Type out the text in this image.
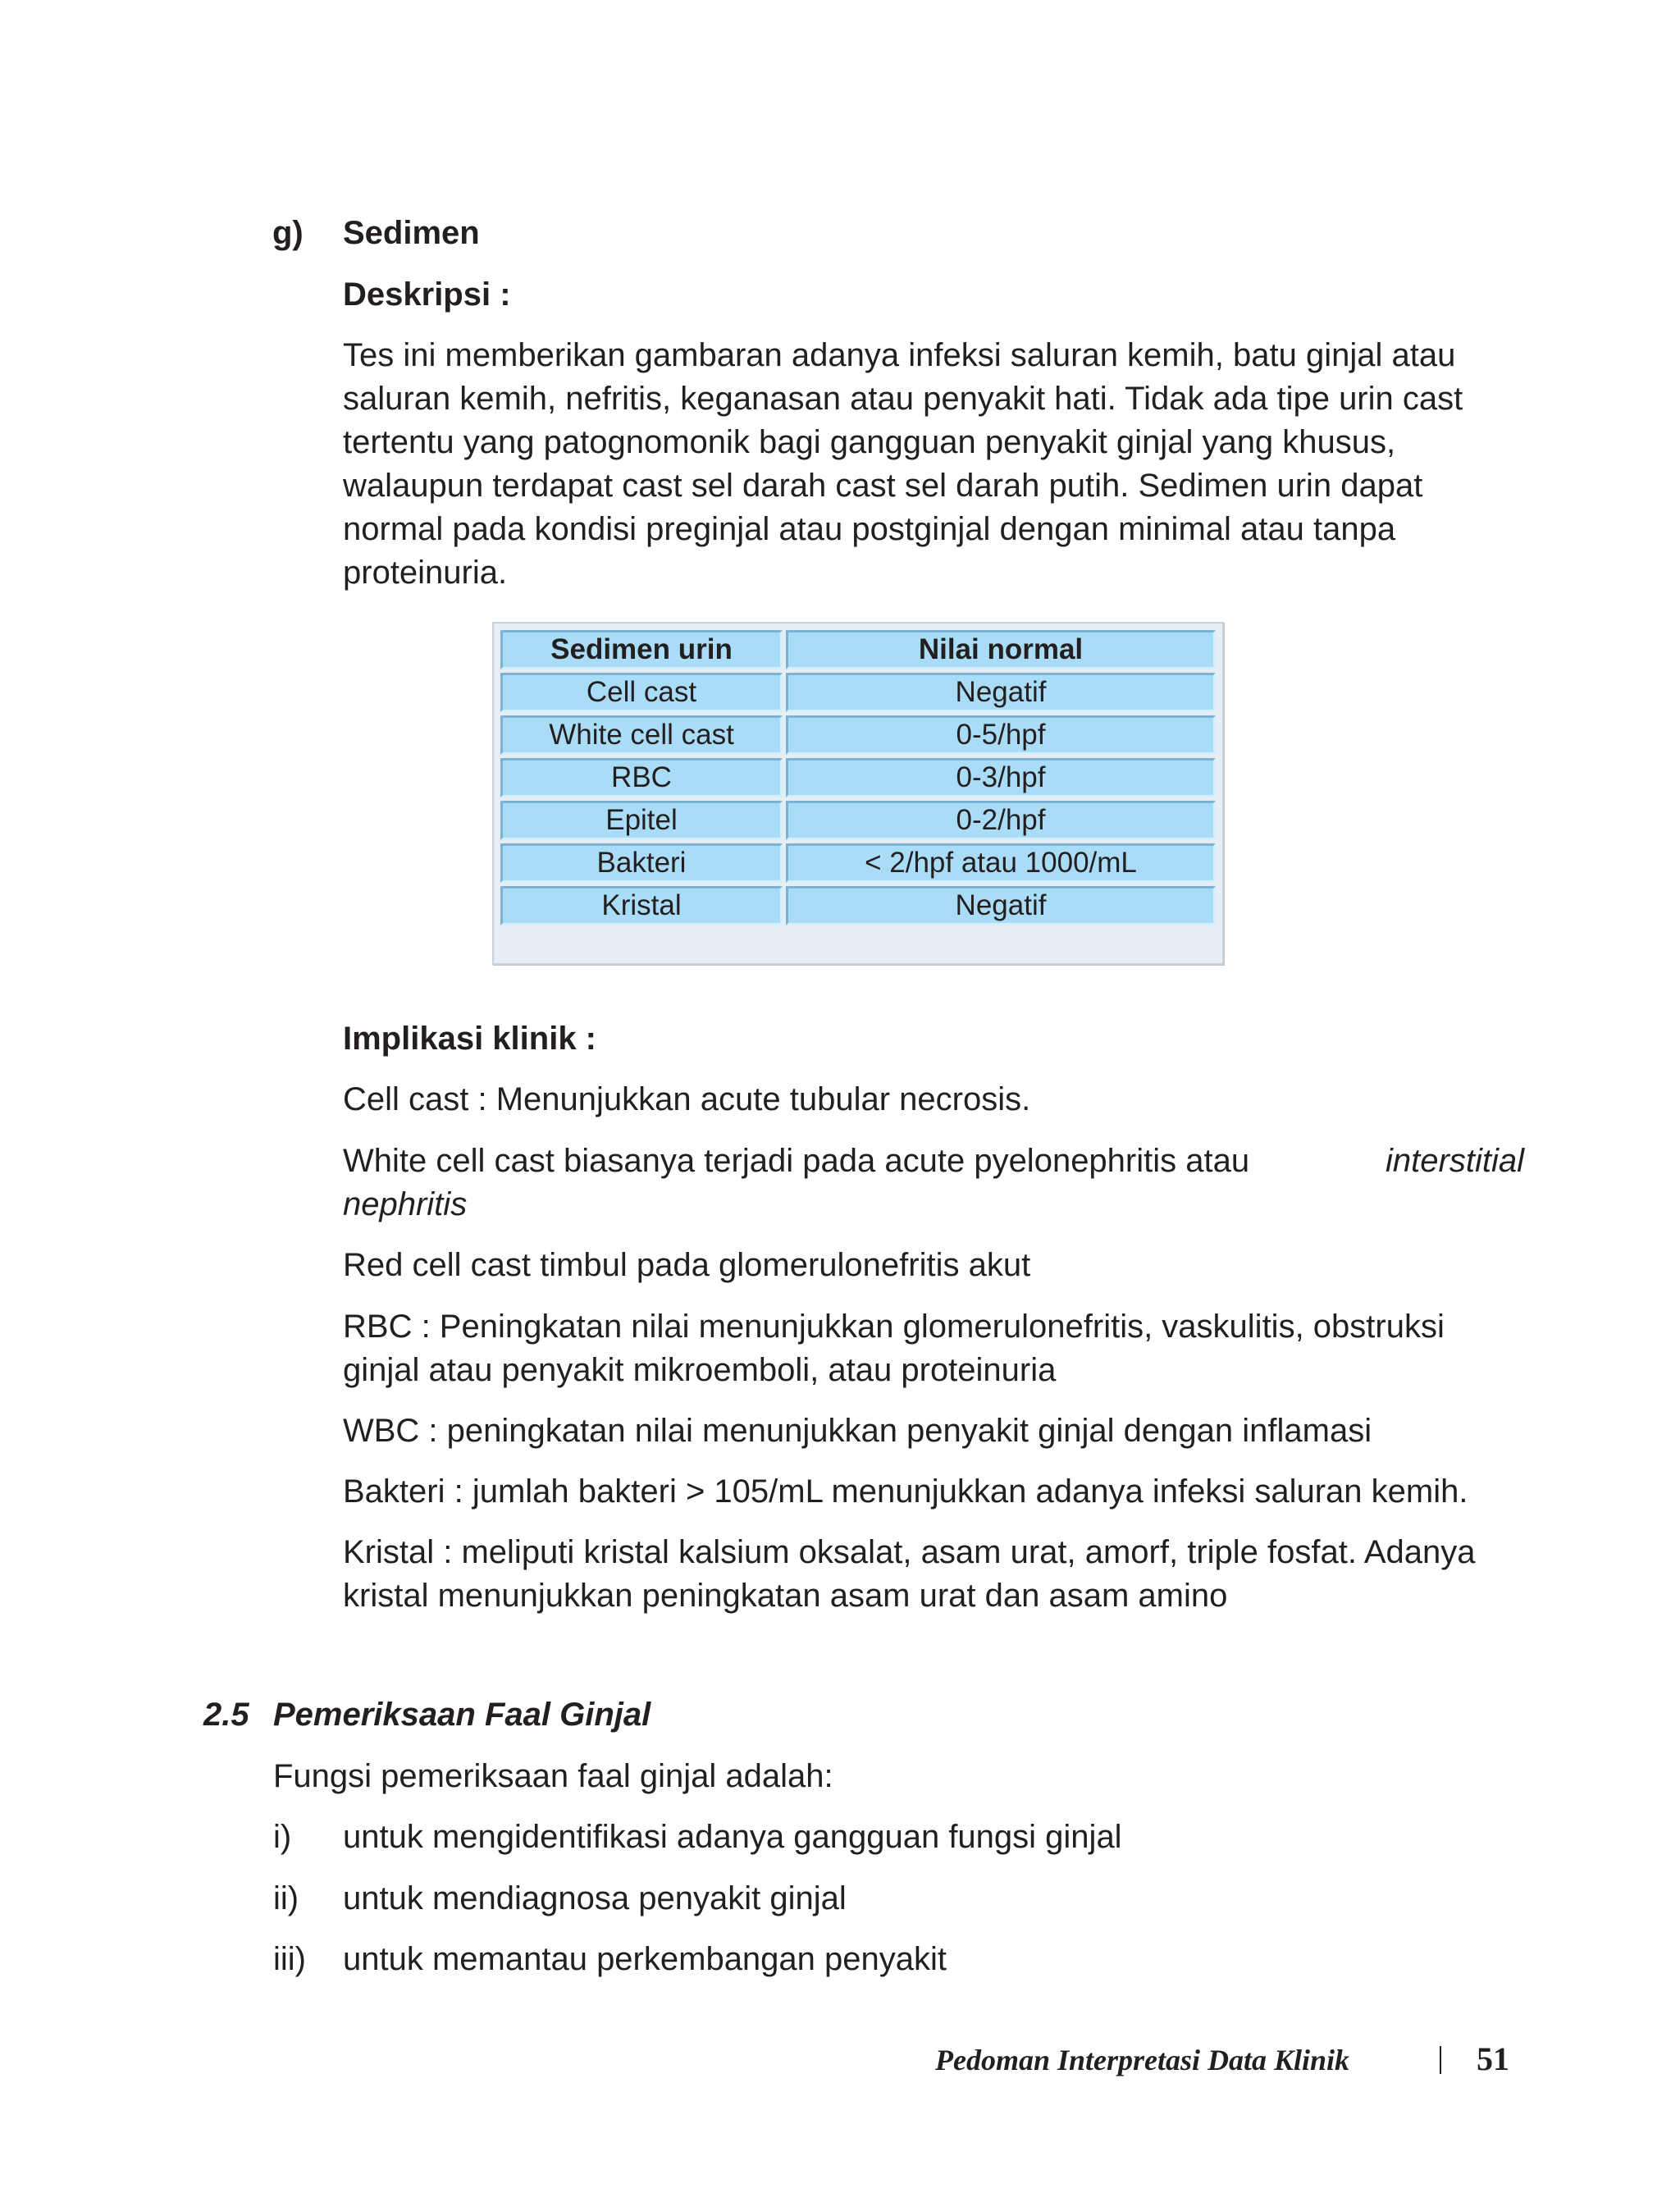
g) Sedimen
Deskripsi :
Tes ini memberikan gambaran adanya infeksi saluran kemih, batu ginjal atau
saluran kemih, nefritis, keganasan atau penyakit hati. Tidak ada tipe urin cast
tertentu yang patognomonik bagi gangguan penyakit ginjal yang khusus,
walaupun terdapat cast sel darah cast sel darah putih. Sedimen urin dapat
normal pada kondisi preginjal atau postginjal dengan minimal atau tanpa
proteinuria.
Sedimen urin	Nilai normal
Cell cast	Negatif
White cell cast	0-5/hpf
RBC	0-3/hpf
Epitel	0-2/hpf
Bakteri	< 2/hpf atau 1000/mL
Kristal	Negatif
Implikasi klinik :
Cell cast : Menunjukkan acute tubular necrosis.
White cell cast biasanya terjadi pada acute pyelonephritis atau	interstitial
nephritis
Red cell cast timbul pada glomerulonefritis akut
RBC : Peningkatan nilai menunjukkan glomerulonefritis, vaskulitis, obstruksi
ginjal atau penyakit mikroemboli, atau proteinuria
WBC : peningkatan nilai menunjukkan penyakit ginjal dengan inflamasi
Bakteri : jumlah bakteri > 105/mL menunjukkan adanya infeksi saluran kemih.
Kristal : meliputi kristal kalsium oksalat, asam urat, amorf, triple fosfat. Adanya
kristal menunjukkan peningkatan asam urat dan asam amino
2.5 Pemeriksaan Faal Ginjal
Fungsi pemeriksaan faal ginjal adalah:
i) untuk mengidentifikasi adanya gangguan fungsi ginjal
ii) untuk mendiagnosa penyakit ginjal
iii) untuk memantau perkembangan penyakit
Pedoman Interpretasi Data Klinik	51
